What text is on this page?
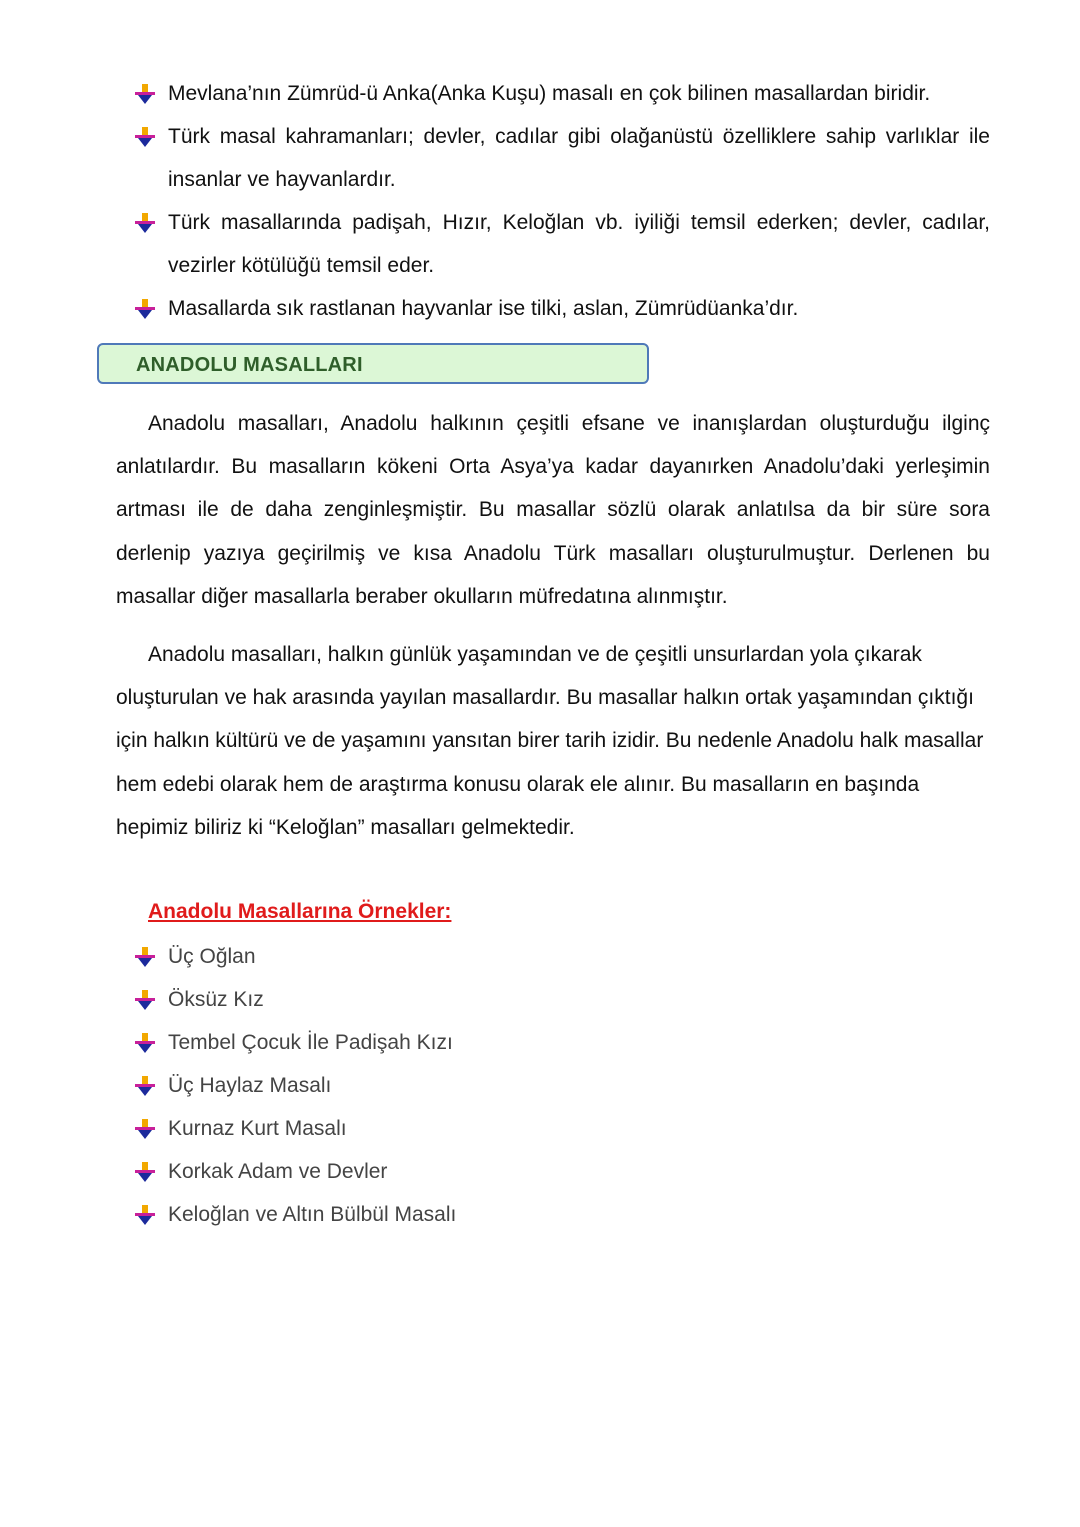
Mevlana’nın Zümrüd-ü Anka(Anka Kuşu) masalı en çok bilinen masallardan biridir.
Türk masal kahramanları; devler, cadılar gibi olağanüstü özelliklere sahip varlıklar ile insanlar ve hayvanlardır.
Türk masallarında padişah, Hızır, Keloğlan vb. iyiliği temsil ederken; devler, cadılar, vezirler kötülüğü temsil eder.
Masallarda sık rastlanan hayvanlar ise tilki, aslan, Zümrüdüanka’dır.
ANADOLU MASALLARI

Anadolu masalları, Anadolu halkının çeşitli efsane ve inanışlardan oluşturduğu ilginç anlatılardır. Bu masalların kökeni Orta Asya’ya kadar dayanırken Anadolu’daki yerleşimin artması ile de daha zenginleşmiştir. Bu masallar sözlü olarak anlatılsa da bir süre sora derlenip yazıya geçirilmiş ve kısa Anadolu Türk masalları oluşturulmuştur. Derlenen bu masallar diğer masallarla beraber okulların müfredatına alınmıştır.

Anadolu masalları, halkın günlük yaşamından ve de çeşitli unsurlardan yola çıkarak oluşturulan ve hak arasında yayılan masallardır. Bu masallar halkın ortak yaşamından çıktığı için halkın kültürü ve de yaşamını yansıtan birer tarih izidir. Bu nedenle Anadolu halk masallar hem edebi olarak hem de araştırma konusu olarak ele alınır. Bu masalların en başında hepimiz biliriz ki “Keloğlan” masalları gelmektedir.

Anadolu Masallarına Örnekler:
Üç Oğlan
Öksüz Kız
Tembel Çocuk İle Padişah Kızı
Üç Haylaz Masalı
Kurnaz Kurt Masalı
Korkak Adam ve Devler
Keloğlan ve Altın Bülbül Masalı
